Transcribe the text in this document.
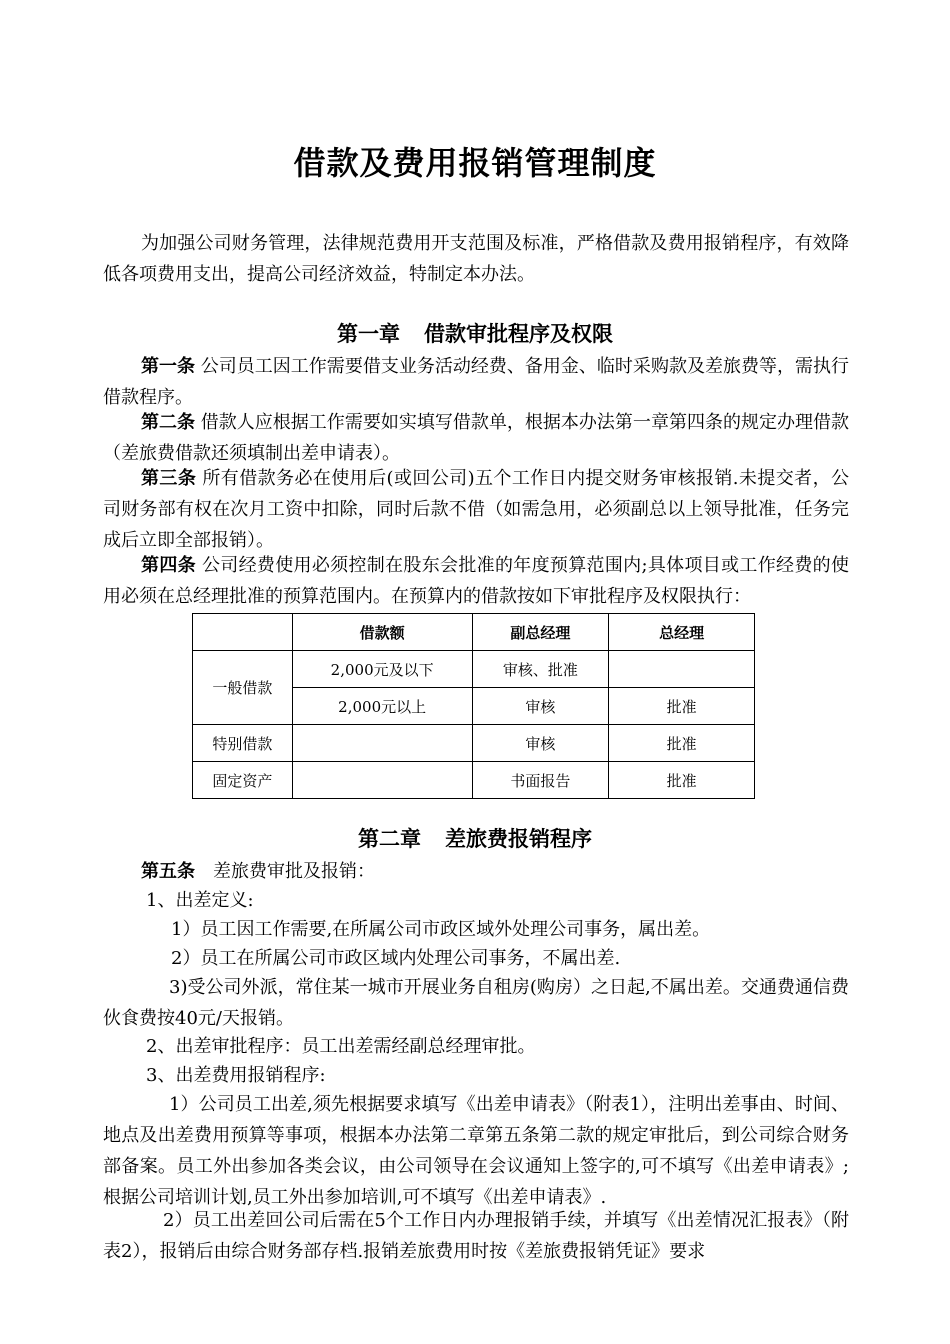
借款及费用报销管理制度

为加强公司财务管理，法律规范费用开支范围及标准，严格借款及费用报销程序，有效降低各项费用支出，提高公司经济效益，特制定本办法。

第一章 借款审批程序及权限

第一条 公司员工因工作需要借支业务活动经费、备用金、临时采购款及差旅费等，需执行借款程序。

第二条 借款人应根据工作需要如实填写借款单，根据本办法第一章第四条的规定办理借款（差旅费借款还须填制出差申请表）。

第三条 所有借款务必在使用后(或回公司)五个工作日内提交财务审核报销.未提交者，公司财务部有权在次月工资中扣除，同时后款不借（如需急用，必须副总以上领导批准，任务完成后立即全部报销）。

第四条 公司经费使用必须控制在股东会批准的年度预算范围内;具体项目或工作经费的使用必须在总经理批准的预算范围内。在预算内的借款按如下审批程序及权限执行：

	借款额	副总经理	总经理
一般借款	2,000元及以下	审核、批准	
	2,000元以上	审核	批准
特别借款		审核	批准
固定资产		书面报告	批准
第二章 差旅费报销程序

第五条 差旅费审批及报销：

1、出差定义:

1）员工因工作需要,在所属公司市政区域外处理公司事务，属出差。

2）员工在所属公司市政区域内处理公司事务，不属出差.

3)受公司外派，常住某一城市开展业务自租房(购房）之日起,不属出差。交通费通信费伙食费按40元/天报销。

2、出差审批程序：员工出差需经副总经理审批。

3、出差费用报销程序:

1）公司员工出差,须先根据要求填写《出差申请表》（附表1），注明出差事由、时间、地点及出差费用预算等事项，根据本办法第二章第五条第二款的规定审批后，到公司综合财务部备案。员工外出参加各类会议，由公司领导在会议通知上签字的,可不填写《出差申请表》;根据公司培训计划,员工外出参加培训,可不填写《出差申请表》.

2）员工出差回公司后需在5个工作日内办理报销手续，并填写《出差情况汇报表》（附表2），报销后由综合财务部存档.报销差旅费用时按《差旅费报销凭证》要求
